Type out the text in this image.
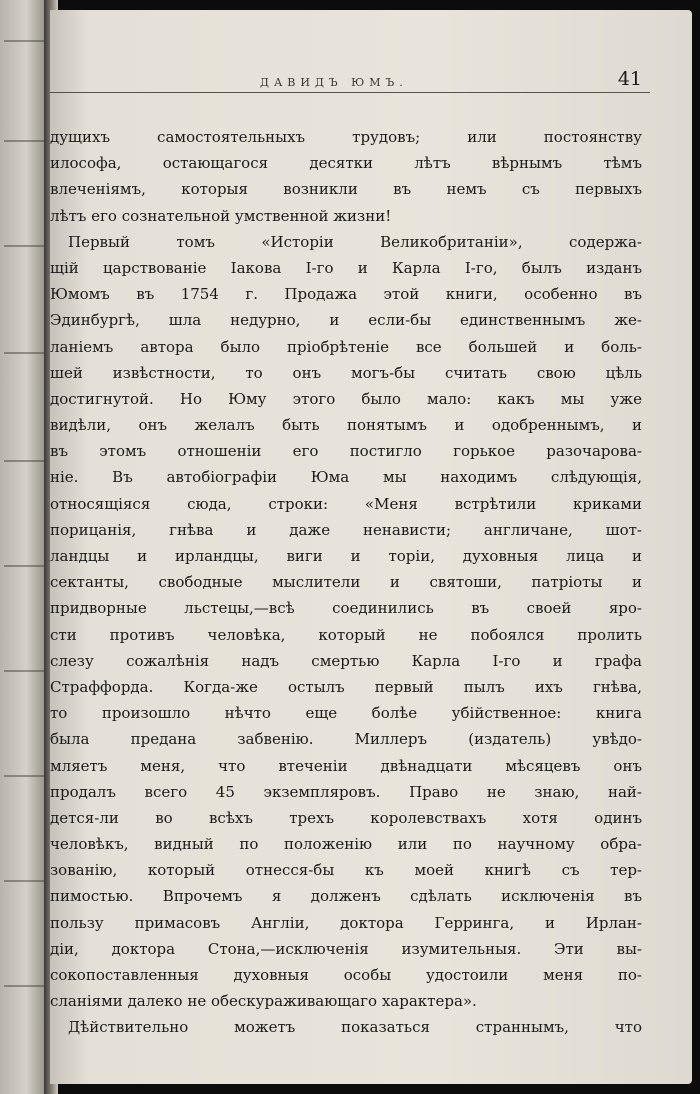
ДАВИДЪ ЮМЪ.	41
дущихъ самостоятельныхъ трудовъ; или постоянству
илософа, остающагося десятки лѣтъ вѣрнымъ тѣмъ
влеченіямъ, которыя возникли въ немъ съ первыхъ
лѣтъ его сознательной умственной жизни!
Первый томъ «Исторіи Великобританіи», содержа-
щій царствованіе Іакова І-го и Карла І-го, былъ изданъ
Юмомъ въ 1754 г. Продажа этой книги, особенно въ
Эдинбургѣ, шла недурно, и если-бы единственнымъ же-
ланіемъ автора было пріобрѣтеніе все большей и боль-
шей извѣстности, то онъ могъ-бы считать свою цѣль
достигнутой. Но Юму этого было мало: какъ мы уже
видѣли, онъ желалъ быть понятымъ и одобреннымъ, и
въ этомъ отношеніи его постигло горькое разочарова-
ніе. Въ автобіографіи Юма мы находимъ слѣдующія,
относящіяся сюда, строки: «Меня встрѣтили криками
порицанія, гнѣва и даже ненависти; англичане, шот-
ландцы и ирландцы, виги и торіи, духовныя лица и
сектанты, свободные мыслители и святоши, патріоты и
придворные льстецы,—всѣ соединились въ своей яро-
сти противъ человѣка, который не побоялся пролить
слезу сожалѣнія надъ смертью Карла І-го и графа
Страффорда. Когда-же остылъ первый пылъ ихъ гнѣва,
то произошло нѣчто еще болѣе убійственное: книга
была предана забвенію. Миллеръ (издатель) увѣдо-
мляетъ меня, что втеченіи двѣнадцати мѣсяцевъ онъ
продалъ всего 45 экземпляровъ. Право не знаю, най-
дется-ли во всѣхъ трехъ королевствахъ хотя одинъ
человѣкъ, видный по положенію или по научному обра-
зованію, который отнесся-бы къ моей книгѣ съ тер-
пимостью. Впрочемъ я долженъ сдѣлать исключенія въ
пользу примасовъ Англіи, доктора Герринга, и Ирлан-
діи, доктора Стона,—исключенія изумительныя. Эти вы-
сокопоставленныя духовныя особы удостоили меня по-
сланіями далеко не обескураживающаго характера».
Дѣйствительно можетъ показаться страннымъ, что
